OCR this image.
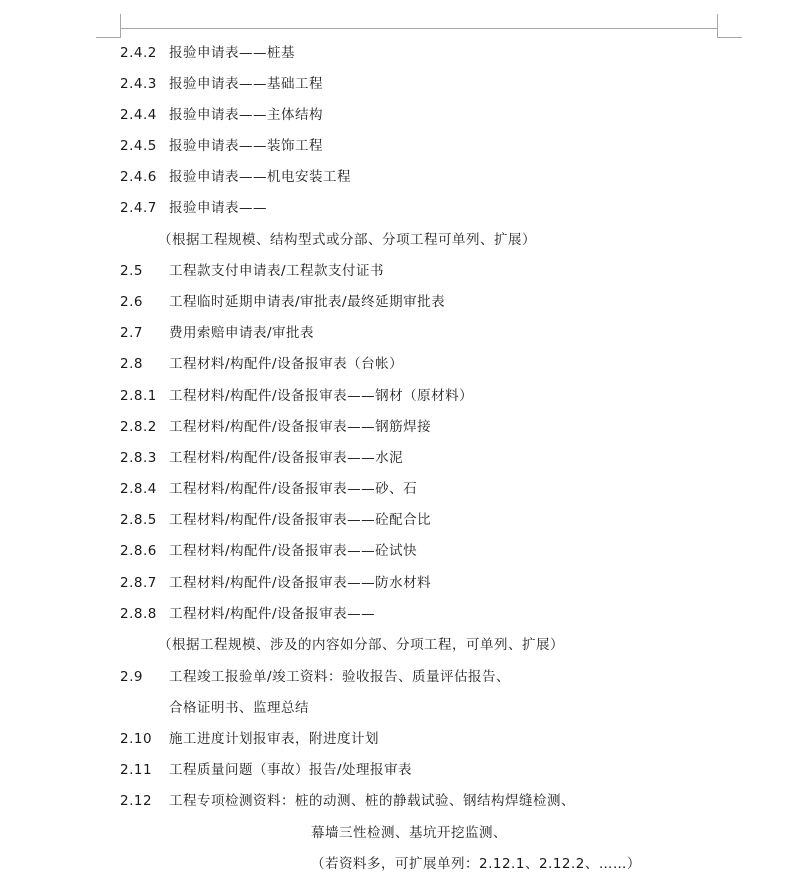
2.4.2 报验申请表——桩基
2.4.3 报验申请表——基础工程
2.4.4 报验申请表——主体结构
2.4.5 报验申请表——装饰工程
2.4.6 报验申请表——机电安装工程
2.4.7 报验申请表——
（根据工程规模、结构型式或分部、分项工程可单列、扩展）
2.5 工程款支付申请表/工程款支付证书
2.6 工程临时延期申请表/审批表/最终延期审批表
2.7 费用索赔申请表/审批表
2.8 工程材料/构配件/设备报审表（台帐）
2.8.1 工程材料/构配件/设备报审表——钢材（原材料）
2.8.2 工程材料/构配件/设备报审表——钢筋焊接
2.8.3 工程材料/构配件/设备报审表——水泥
2.8.4 工程材料/构配件/设备报审表——砂、石
2.8.5 工程材料/构配件/设备报审表——砼配合比
2.8.6 工程材料/构配件/设备报审表——砼试快
2.8.7 工程材料/构配件/设备报审表——防水材料
2.8.8 工程材料/构配件/设备报审表——
（根据工程规模、涉及的内容如分部、分项工程，可单列、扩展）
2.9 工程竣工报验单/竣工资料：验收报告、质量评估报告、
合格证明书、监理总结
2.10 施工进度计划报审表，附进度计划
2.11 工程质量问题（事故）报告/处理报审表
2.12 工程专项检测资料：桩的动测、桩的静载试验、钢结构焊缝检测、
幕墙三性检测、基坑开挖监测、
（若资料多，可扩展单列：2.12.1、2.12.2、……）
